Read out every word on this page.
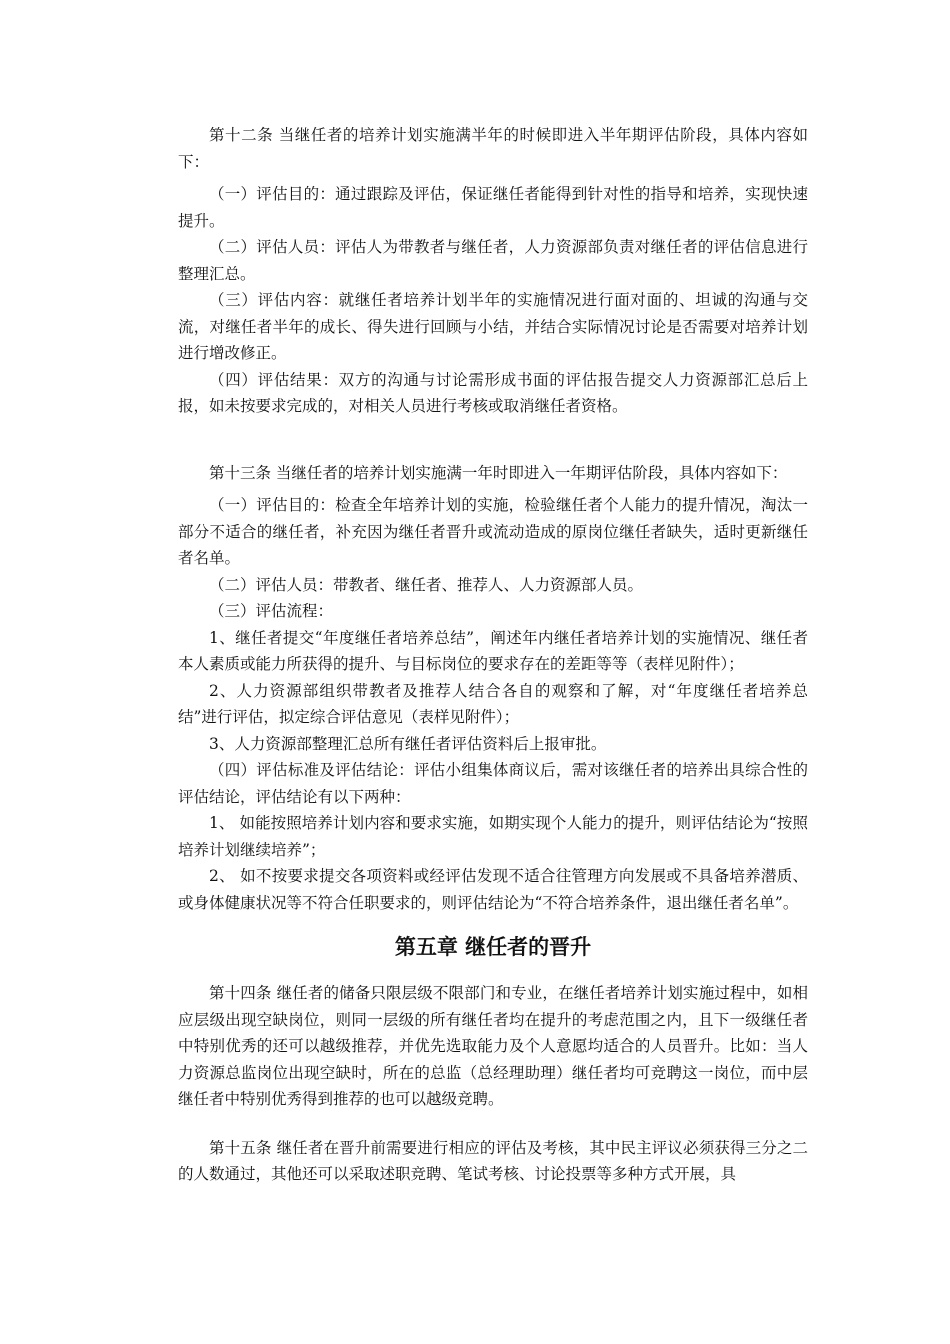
第十二条 当继任者的培养计划实施满半年的时候即进入半年期评估阶段，具体内容如下：

（一）评估目的：通过跟踪及评估，保证继任者能得到针对性的指导和培养，实现快速提升。

（二）评估人员：评估人为带教者与继任者，人力资源部负责对继任者的评估信息进行整理汇总。

（三）评估内容：就继任者培养计划半年的实施情况进行面对面的、坦诚的沟通与交流，对继任者半年的成长、得失进行回顾与小结，并结合实际情况讨论是否需要对培养计划进行增改修正。

（四）评估结果：双方的沟通与讨论需形成书面的评估报告提交人力资源部汇总后上报，如未按要求完成的，对相关人员进行考核或取消继任者资格。

第十三条 当继任者的培养计划实施满一年时即进入一年期评估阶段，具体内容如下：

（一）评估目的：检查全年培养计划的实施，检验继任者个人能力的提升情况，淘汰一部分不适合的继任者，补充因为继任者晋升或流动造成的原岗位继任者缺失，适时更新继任者名单。

（二）评估人员：带教者、继任者、推荐人、人力资源部人员。

（三）评估流程：

1、继任者提交“年度继任者培养总结”，阐述年内继任者培养计划的实施情况、继任者本人素质或能力所获得的提升、与目标岗位的要求存在的差距等等（表样见附件）；

2、人力资源部组织带教者及推荐人结合各自的观察和了解，对“年度继任者培养总结”进行评估，拟定综合评估意见（表样见附件）；

3、人力资源部整理汇总所有继任者评估资料后上报审批。

（四）评估标准及评估结论：评估小组集体商议后，需对该继任者的培养出具综合性的评估结论，评估结论有以下两种：

1、 如能按照培养计划内容和要求实施，如期实现个人能力的提升，则评估结论为“按照培养计划继续培养”；

2、 如不按要求提交各项资料或经评估发现不适合往管理方向发展或不具备培养潜质、或身体健康状况等不符合任职要求的，则评估结论为“不符合培养条件，退出继任者名单”。

第五章 继任者的晋升

第十四条 继任者的储备只限层级不限部门和专业，在继任者培养计划实施过程中，如相应层级出现空缺岗位，则同一层级的所有继任者均在提升的考虑范围之内，且下一级继任者中特别优秀的还可以越级推荐，并优先选取能力及个人意愿均适合的人员晋升。比如：当人力资源总监岗位出现空缺时，所在的总监（总经理助理）继任者均可竞聘这一岗位，而中层继任者中特别优秀得到推荐的也可以越级竞聘。

第十五条 继任者在晋升前需要进行相应的评估及考核，其中民主评议必须获得三分之二的人数通过，其他还可以采取述职竞聘、笔试考核、讨论投票等多种方式开展，具
